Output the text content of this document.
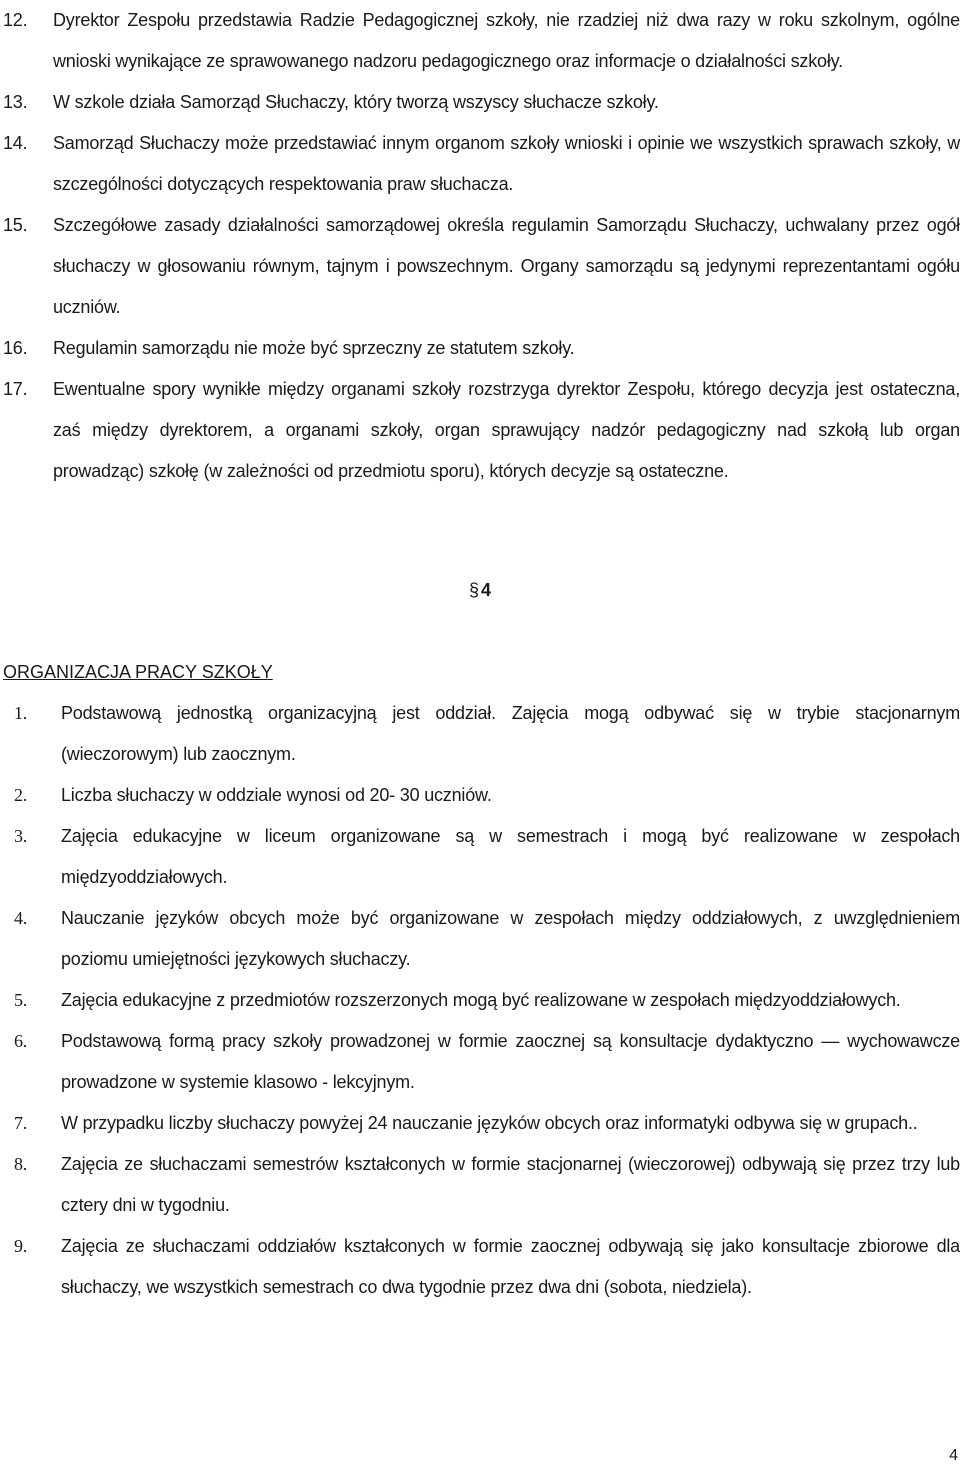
12. Dyrektor Zespołu przedstawia Radzie Pedagogicznej szkoły, nie rzadziej niż dwa razy w roku szkolnym, ogólne wnioski wynikające ze sprawowanego nadzoru pedagogicznego oraz informacje o działalności szkoły.
13. W szkole działa Samorząd Słuchaczy, który tworzą wszyscy słuchacze szkoły.
14. Samorząd Słuchaczy może przedstawiać innym organom szkoły wnioski i opinie we wszystkich sprawach szkoły, w szczególności dotyczących respektowania praw słuchacza.
15. Szczegółowe zasady działalności samorządowej określa regulamin Samorządu Słuchaczy, uchwalany przez ogół słuchaczy w głosowaniu równym, tajnym i powszechnym. Organy samorządu są jedynymi reprezentantami ogółu uczniów.
16. Regulamin samorządu nie może być sprzeczny ze statutem szkoły.
17. Ewentualne spory wynikłe między organami szkoły rozstrzyga dyrektor Zespołu, którego decyzja jest ostateczna, zaś między dyrektorem, a organami szkoły, organ sprawujący nadzór pedagogiczny nad szkołą lub organ prowadząc) szkołę (w zależności od przedmiotu sporu), których decyzje są ostateczne.
§ 4
ORGANIZACJA PRACY SZKOŁY
1. Podstawową jednostką organizacyjną jest oddział. Zajęcia mogą odbywać się w trybie stacjonarnym (wieczorowym) lub zaocznym.
2. Liczba słuchaczy w oddziale wynosi od 20- 30 uczniów.
3. Zajęcia edukacyjne w liceum organizowane są w semestrach i mogą być realizowane w zespołach międzyoddziałowych.
4. Nauczanie języków obcych może być organizowane w zespołach między oddziałowych, z uwzględnieniem poziomu umiejętności językowych słuchaczy.
5. Zajęcia edukacyjne z przedmiotów rozszerzonych mogą być realizowane w zespołach międzyoddziałowych.
6. Podstawową formą pracy szkoły prowadzonej w formie zaocznej są konsultacje dydaktyczno — wychowawcze prowadzone w systemie klasowo - lekcyjnym.
7. W przypadku liczby słuchaczy powyżej 24 nauczanie języków obcych oraz informatyki odbywa się w grupach..
8. Zajęcia ze słuchaczami semestrów kształconych w formie stacjonarnej (wieczorowej) odbywają się przez trzy lub cztery dni w tygodniu.
9. Zajęcia ze słuchaczami oddziałów kształconych w formie zaocznej odbywają się jako konsultacje zbiorowe dla słuchaczy, we wszystkich semestrach co dwa tygodnie przez dwa dni (sobota, niedziela).
4
